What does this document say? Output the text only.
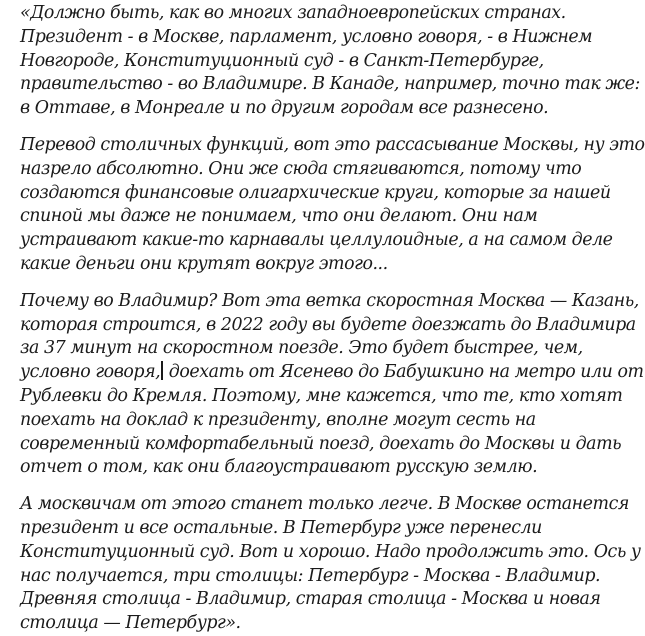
«Должно быть, как во многих западноевропейских странах.
Президент - в Москве, парламент, условно говоря, - в Нижнем
Новгороде, Конституционный суд - в Санкт-Петербурге,
правительство - во Владимире. В Канаде, например, точно так же:
в Оттаве, в Монреале и по другим городам все разнесено.

Перевод столичных функций, вот это рассасывание Москвы, ну это
назрело абсолютно. Они же сюда стягиваются, потому что
создаются финансовые олигархические круги, которые за нашей
спиной мы даже не понимаем, что они делают. Они нам
устраивают какие-то карнавалы целлулоидные, а на самом деле
какие деньги они крутят вокруг этого...

Почему во Владимир? Вот эта ветка скоростная Москва — Казань,
которая строится, в 2022 году вы будете доезжать до Владимира
за 37 минут на скоростном поезде. Это будет быстрее, чем,
условно говоря, доехать от Ясенево до Бабушкино на метро или от
Рублевки до Кремля. Поэтому, мне кажется, что те, кто хотят
поехать на доклад к президенту, вполне могут сесть на
современный комфортабельный поезд, доехать до Москвы и дать
отчет о том, как они благоустраивают русскую землю.

А москвичам от этого станет только легче. В Москве останется
президент и все остальные. В Петербург уже перенесли
Конституционный суд. Вот и хорошо. Надо продолжить это. Ось у
нас получается, три столицы: Петербург - Москва - Владимир.
Древняя столица - Владимир, старая столица - Москва и новая
столица — Петербург».
